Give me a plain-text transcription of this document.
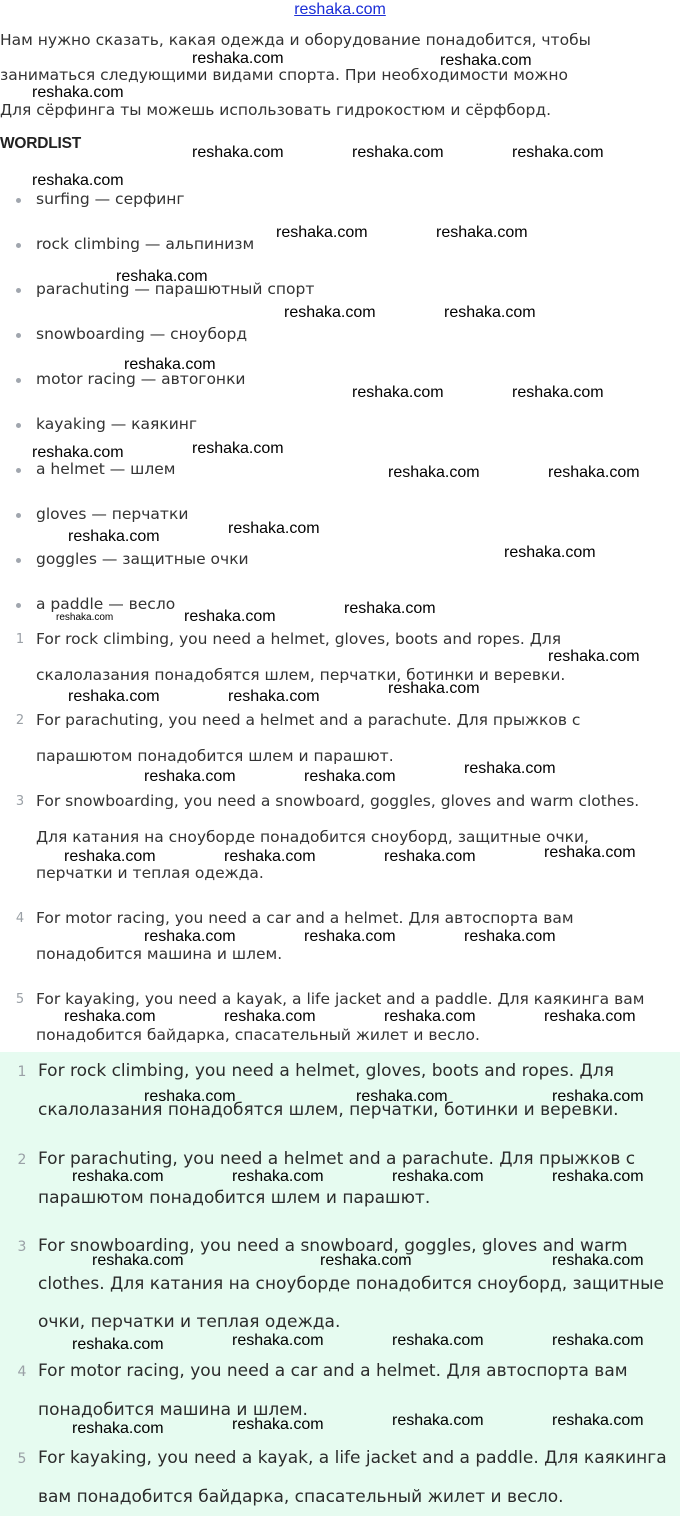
reshaka.com
Нам нужно сказать, какая одежда и оборудование понадобится, чтобы
заниматься следующими видами спорта. При необходимости можно
Для сёрфинга ты можешь использовать гидрокостюм и сёрфборд.
WORDLIST
surfing — серфинг
rock climbing — альпинизм
parachuting — парашютный спорт
snowboarding — сноуборд
motor racing — автогонки
kayaking — каякинг
a helmet — шлем
gloves — перчатки
goggles — защитные очки
a paddle — весло
1 For rock climbing, you need a helmet, gloves, boots and ropes. Для
скалолазания понадобятся шлем, перчатки, ботинки и веревки.
2 For parachuting, you need a helmet and a parachute. Для прыжков с
парашютом понадобится шлем и парашют.
3 For snowboarding, you need a snowboard, goggles, gloves and warm clothes.
Для катания на сноуборде понадобится сноуборд, защитные очки,
перчатки и теплая одежда.
4 For motor racing, you need a car and a helmet. Для автоспорта вам
понадобится машина и шлем.
5 For kayaking, you need a kayak, a life jacket and a paddle. Для каякинга вам
понадобится байдарка, спасательный жилет и весло.
1 For rock climbing, you need a helmet, gloves, boots and ropes. Для
скалолазания понадобятся шлем, перчатки, ботинки и веревки.
2 For parachuting, you need a helmet and a parachute. Для прыжков с
парашютом понадобится шлем и парашют.
3 For snowboarding, you need a snowboard, goggles, gloves and warm
clothes. Для катания на сноуборде понадобится сноуборд, защитные
очки, перчатки и теплая одежда.
4 For motor racing, you need a car and a helmet. Для автоспорта вам
понадобится машина и шлем.
5 For kayaking, you need a kayak, a life jacket and a paddle. Для каякинга
вам понадобится байдарка, спасательный жилет и весло.
reshaka.com	reshaka.com
reshaka.com
reshaka.com	reshaka.com	reshaka.com
reshaka.com
reshaka.com	reshaka.com
reshaka.com
reshaka.com	reshaka.com
reshaka.com
reshaka.com	reshaka.com
reshaka.com
reshaka.com
reshaka.com	reshaka.com
reshaka.com
reshaka.com
reshaka.com
reshaka.com
reshaka.com
reshaka.com
reshaka.com
reshaka.com
reshaka.com	reshaka.com
reshaka.com
reshaka.com	reshaka.com
reshaka.com
reshaka.com	reshaka.com	reshaka.com
reshaka.com	reshaka.com	reshaka.com
reshaka.com	reshaka.com	reshaka.com	reshaka.com
reshaka.com	reshaka.com	reshaka.com
reshaka.com	reshaka.com	reshaka.com	reshaka.com
reshaka.com	reshaka.com	reshaka.com
reshaka.com	reshaka.com	reshaka.com	reshaka.com
reshaka.com	reshaka.com	reshaka.com	reshaka.com
